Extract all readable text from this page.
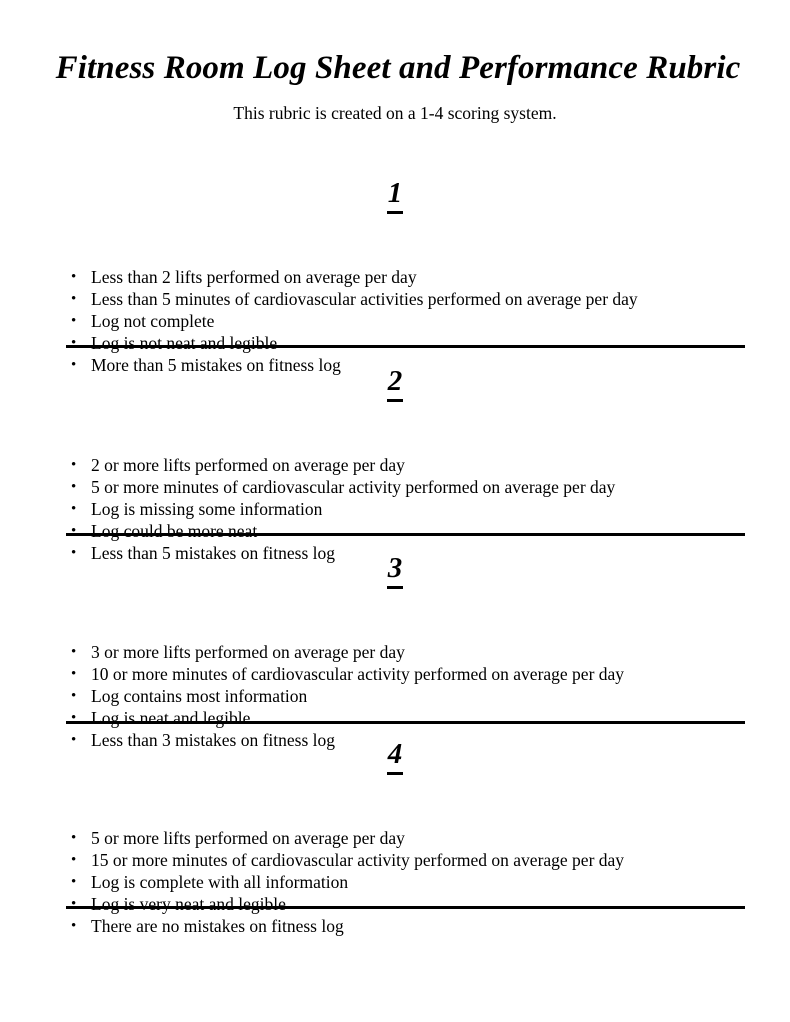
Fitness Room Log Sheet and Performance Rubric
This rubric is created on a 1-4 scoring system.
1
• Less than 2 lifts performed on average per day
• Less than 5 minutes of cardiovascular activities performed on average per day
• Log not complete
• Log is not neat and legible
• More than 5 mistakes on fitness log	2
• 2 or more lifts performed on average per day
• 5 or more minutes of cardiovascular activity performed on average per day
• Log is missing some information
• Log could be more neat
• Less than 5 mistakes on fitness log	3
• 3 or more lifts performed on average per day
• 10 or more minutes of cardiovascular activity performed on average per day
• Log contains most information
• Log is neat and legible
• Less than 3 mistakes on fitness log	4
• 5 or more lifts performed on average per day
• 15 or more minutes of cardiovascular activity performed on average per day
• Log is complete with all information
• Log is very neat and legible
• There are no mistakes on fitness log
